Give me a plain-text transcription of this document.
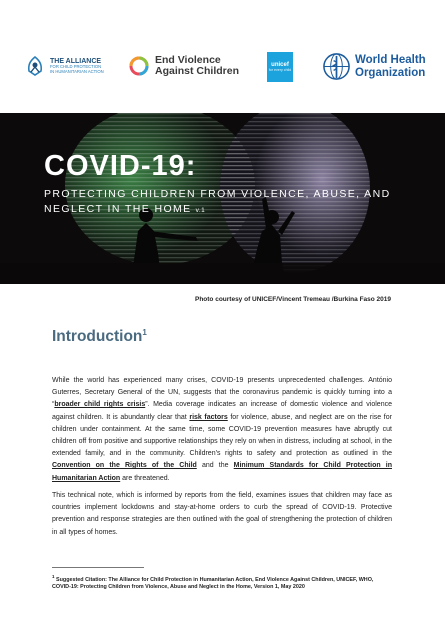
THE ALLIANCE
FOR CHILD PROTECTION
IN HUMANITARIAN ACTION
End Violence
Against Children
unicef
for every child
World Health
Organization
COVID-19:
PROTECTING CHILDREN FROM VIOLENCE, ABUSE, AND
NEGLECT IN THE HOME v.1
Photo courtesy of UNICEF/Vincent Tremeau /Burkina Faso 2019
Introduction$^1$

While the world has experienced many crises, COVID-19 presents unprecedented challenges. António Guterres, Secretary General of the UN, suggests that the coronavirus pandemic is quickly turning into a “broader child rights crisis”. Media coverage indicates an increase of domestic violence and violence against children. It is abundantly clear that risk factors for violence, abuse, and neglect are on the rise for children under containment. At the same time, some COVID-19 prevention measures have abruptly cut children off from positive and supportive relationships they rely on when in distress, including at school, in the extended family, and in the community. Children’s rights to safety and protection as outlined in the Convention on the Rights of the Child and the Minimum Standards for Child Protection in Humanitarian Action are threatened.

This technical note, which is informed by reports from the field, examines issues that children may face as countries implement lockdowns and stay-at-home orders to curb the spread of COVID-19. Protective prevention and response strategies are then outlined with the goal of strengthening the protection of children in all types of homes.

$^1$ Suggested Citation: The Alliance for Child Protection in Humanitarian Action, End Violence Against Children, UNICEF, WHO, COVID-19: Protecting Children from Violence, Abuse and Neglect in the Home, Version 1, May 2020
